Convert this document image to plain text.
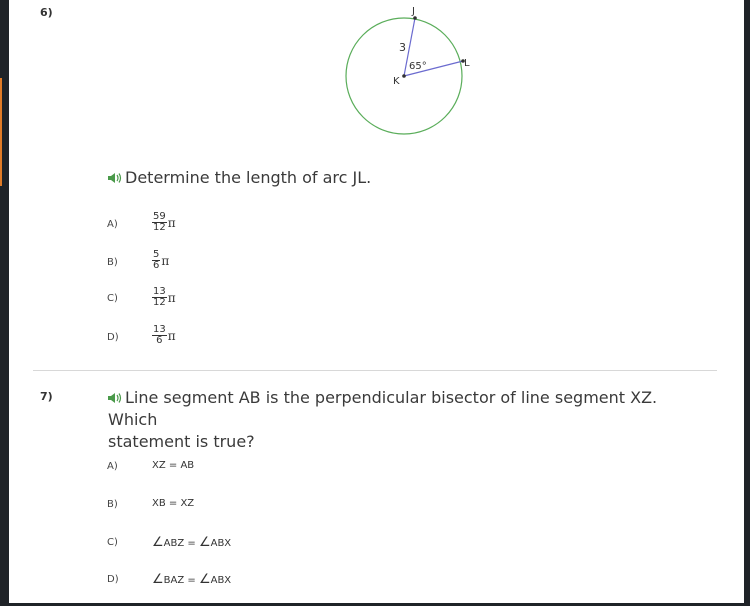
6)	J
L
K
3
65°
Determine the length of arc JL.
A)	$\frac{59}{12}$ π
B)	$\frac{5}{6}$ π
C)	$\frac{13}{12}$ π
D)	$\frac{13}{6}$ π
7)	Line segment AB is the perpendicular bisector of line segment XZ. Which
statement is true?
A)	XZ = AB
B)	XB = XZ
C)	∠ABZ = ∠ABX
D)	∠BAZ = ∠ABX
